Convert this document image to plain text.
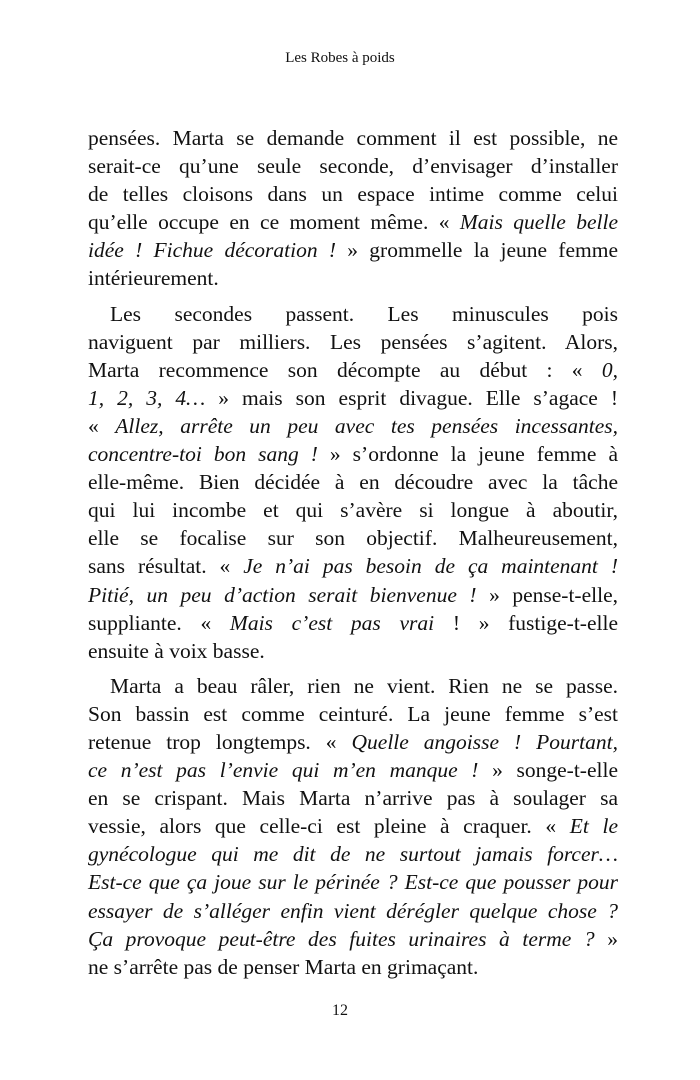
Les Robes à poids
pensées. Marta se demande comment il est possible, ne
serait-ce qu’une seule seconde, d’envisager d’installer
de telles cloisons dans un espace intime comme celui
qu’elle occupe en ce moment même. « Mais quelle belle
idée ! Fichue décoration ! » grommelle la jeune femme
intérieurement.
Les secondes passent. Les minuscules pois
naviguent par milliers. Les pensées s’agitent. Alors,
Marta recommence son décompte au début : « 0,
1, 2, 3, 4… » mais son esprit divague. Elle s’agace !
« Allez, arrête un peu avec tes pensées incessantes,
concentre-toi bon sang ! » s’ordonne la jeune femme à
elle-même. Bien décidée à en découdre avec la tâche
qui lui incombe et qui s’avère si longue à aboutir,
elle se focalise sur son objectif. Malheureusement,
sans résultat. « Je n’ai pas besoin de ça maintenant !
Pitié, un peu d’action serait bienvenue ! » pense-t-elle,
suppliante. « Mais c’est pas vrai ! » fustige-t-elle
ensuite à voix basse.
Marta a beau râler, rien ne vient. Rien ne se passe.
Son bassin est comme ceinturé. La jeune femme s’est
retenue trop longtemps. « Quelle angoisse ! Pourtant,
ce n’est pas l’envie qui m’en manque ! » songe-t-elle
en se crispant. Mais Marta n’arrive pas à soulager sa
vessie, alors que celle-ci est pleine à craquer. « Et le
gynécologue qui me dit de ne surtout jamais forcer…
Est-ce que ça joue sur le périnée ? Est-ce que pousser pour
essayer de s’alléger enfin vient dérégler quelque chose ?
Ça provoque peut-être des fuites urinaires à terme ? »
ne s’arrête pas de penser Marta en grimaçant.
12
